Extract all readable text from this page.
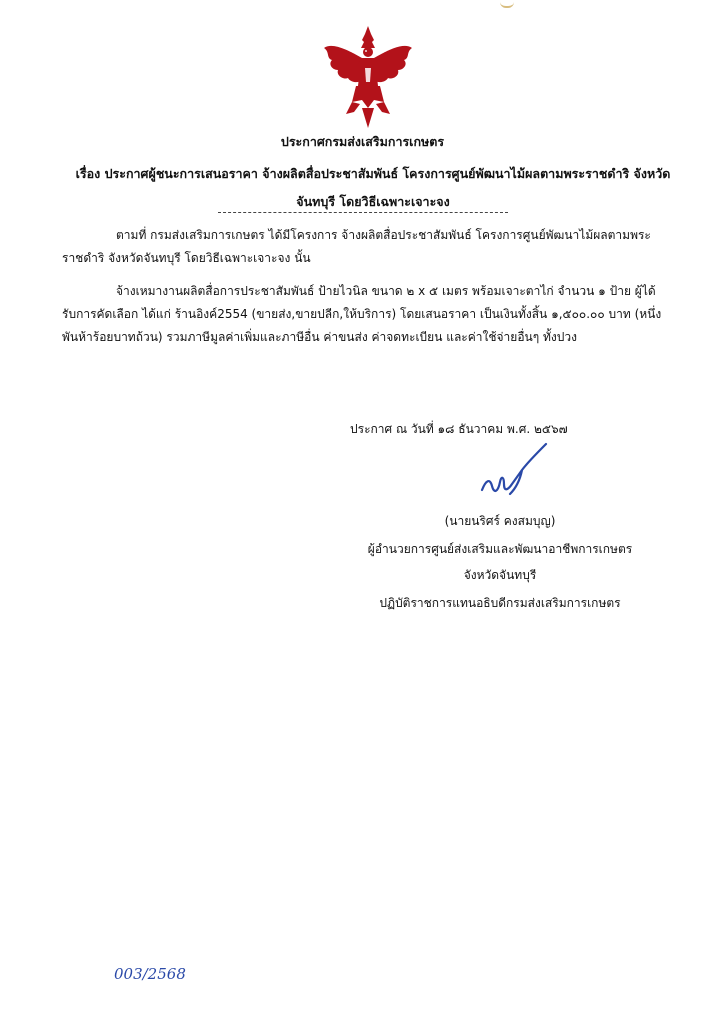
ประกาศกรมส่งเสริมการเกษตร
เรื่อง ประกาศผู้ชนะการเสนอราคา จ้างผลิตสื่อประชาสัมพันธ์ โครงการศูนย์พัฒนาไม้ผลตามพระราชดำริ จังหวัด
จันทบุรี โดยวิธีเฉพาะเจาะจง
ตามที่ กรมส่งเสริมการเกษตร ได้มีโครงการ จ้างผลิตสื่อประชาสัมพันธ์ โครงการศูนย์พัฒนาไม้ผลตามพระราชดำริ จังหวัดจันทบุรี โดยวิธีเฉพาะเจาะจง นั้น
จ้างเหมางานผลิตสื่อการประชาสัมพันธ์ ป้ายไวนิล ขนาด ๒ x ๕ เมตร พร้อมเจาะตาไก่ จำนวน ๑ ป้าย ผู้ได้รับการคัดเลือก ได้แก่ ร้านอิงค์2554 (ขายส่ง,ขายปลีก,ให้บริการ) โดยเสนอราคา เป็นเงินทั้งสิ้น ๑,๕๐๐.๐๐ บาท (หนึ่งพันห้าร้อยบาทถ้วน) รวมภาษีมูลค่าเพิ่มและภาษีอื่น ค่าขนส่ง ค่าจดทะเบียน และค่าใช้จ่ายอื่นๆ ทั้งปวง
ประกาศ ณ วันที่ ๑๘ ธันวาคม พ.ศ. ๒๕๖๗
(นายนริศร์ คงสมบุญ)
ผู้อำนวยการศูนย์ส่งเสริมและพัฒนาอาชีพการเกษตร
จังหวัดจันทบุรี
ปฏิบัติราชการแทนอธิบดีกรมส่งเสริมการเกษตร
003/2568
